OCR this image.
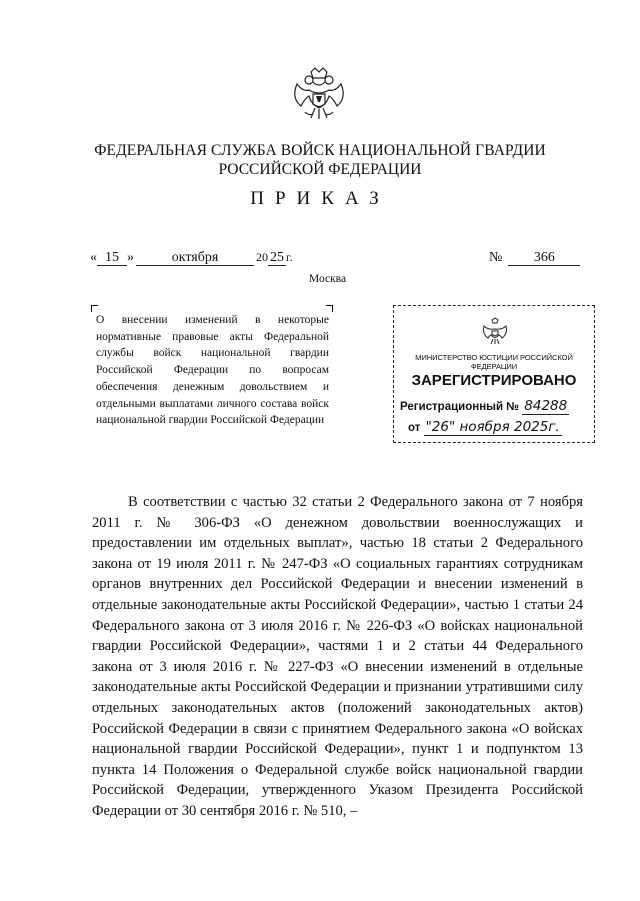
ФЕДЕРАЛЬНАЯ СЛУЖБА ВОЙСК НАЦИОНАЛЬНОЙ ГВАРДИИ
РОССИЙСКОЙ ФЕДЕРАЦИИ
ПРИКАЗ
« 15 »	октября	20 25 г.	№ 366
Москва
О внесении изменений в некоторые нормативные правовые акты Федеральной службы войск национальной гвардии Российской Федерации по вопросам обеспечения денежным довольствием и отдельными выплатами личного состава войск национальной гвардии Российской Федерации
МИНИСТЕРСТВО ЮСТИЦИИ РОССИЙСКОЙ ФЕДЕРАЦИИ
ЗАРЕГИСТРИРОВАНО
Регистрационный № 84288
от "26" ноября 2025г.

В соответствии с частью 32 статьи 2 Федерального закона от 7 ноября 2011 г. № 306-ФЗ «О денежном довольствии военнослужащих и предоставлении им отдельных выплат», частью 18 статьи 2 Федерального закона от 19 июля 2011 г. № 247-ФЗ «О социальных гарантиях сотрудникам органов внутренних дел Российской Федерации и внесении изменений в отдельные законодательные акты Российской Федерации», частью 1 статьи 24 Федерального закона от 3 июля 2016 г. № 226-ФЗ «О войсках национальной гвардии Российской Федерации», частями 1 и 2 статьи 44 Федерального закона от 3 июля 2016 г. № 227-ФЗ «О внесении изменений в отдельные законодательные акты Российской Федерации и признании утратившими силу отдельных законодательных актов (положений законодательных актов) Российской Федерации в связи с принятием Федерального закона «О войсках национальной гвардии Российской Федерации», пункт 1 и подпунктом 13 пункта 14 Положения о Федеральной службе войск национальной гвардии Российской Федерации, утвержденного Указом Президента Российской Федерации от 30 сентября 2016 г. № 510, –
